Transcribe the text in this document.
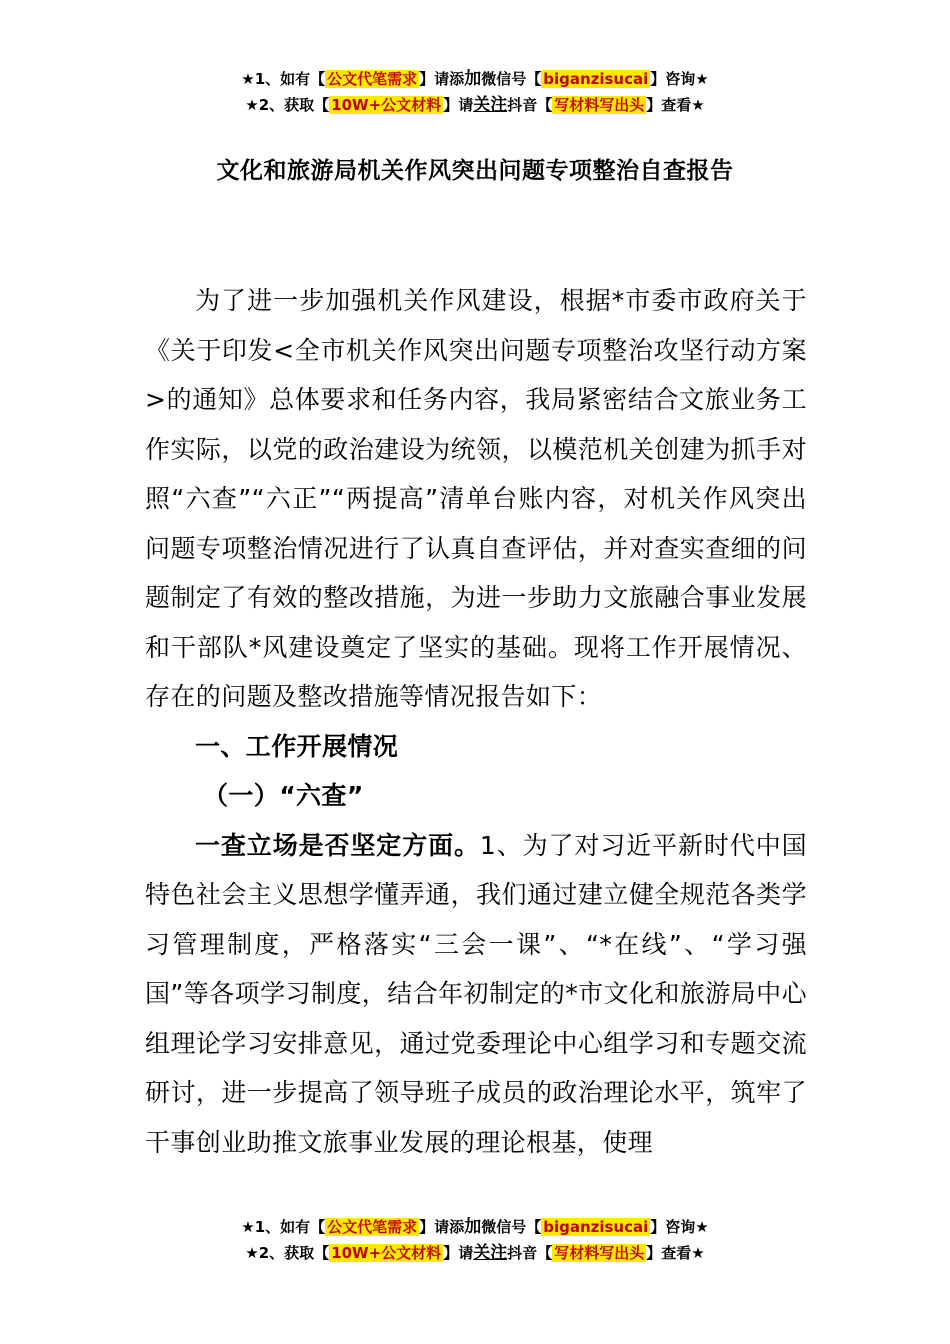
★1、如有【 公文代笔需求 】请添加微信号【 biganzisucai 】咨询★
★2、获取【 10W+公文材料 】请关注抖音【 写材料写出头 】查看★
文化和旅游局机关作风突出问题专项整治自查报告

为了进一步加强机关作风建设，根据*市委市政府关于《关于印发<全市机关作风突出问题专项整治攻坚行动方案>的通知》总体要求和任务内容，我局紧密结合文旅业务工作实际，以党的政治建设为统领，以模范机关创建为抓手对照“六查”“六正”“两提高”清单台账内容，对机关作风突出问题专项整治情况进行了认真自查评估，并对查实查细的问题制定了有效的整改措施，为进一步助力文旅融合事业发展和干部队*风建设奠定了坚实的基础。现将工作开展情况、存在的问题及整改措施等情况报告如下：

一、工作开展情况

（一）“六查”

一查立场是否坚定方面。1、为了对习近平新时代中国特色社会主义思想学懂弄通，我们通过建立健全规范各类学习管理制度，严格落实“三会一课”、“*在线”、“学习强国”等各项学习制度，结合年初制定的*市文化和旅游局中心组理论学习安排意见，通过党委理论中心组学习和专题交流研讨，进一步提高了领导班子成员的政治理论水平，筑牢了干事创业助推文旅事业发展的理论根基，使理

★1、如有【 公文代笔需求 】请添加微信号【 biganzisucai 】咨询★
★2、获取【 10W+公文材料 】请关注抖音【 写材料写出头 】查看★
